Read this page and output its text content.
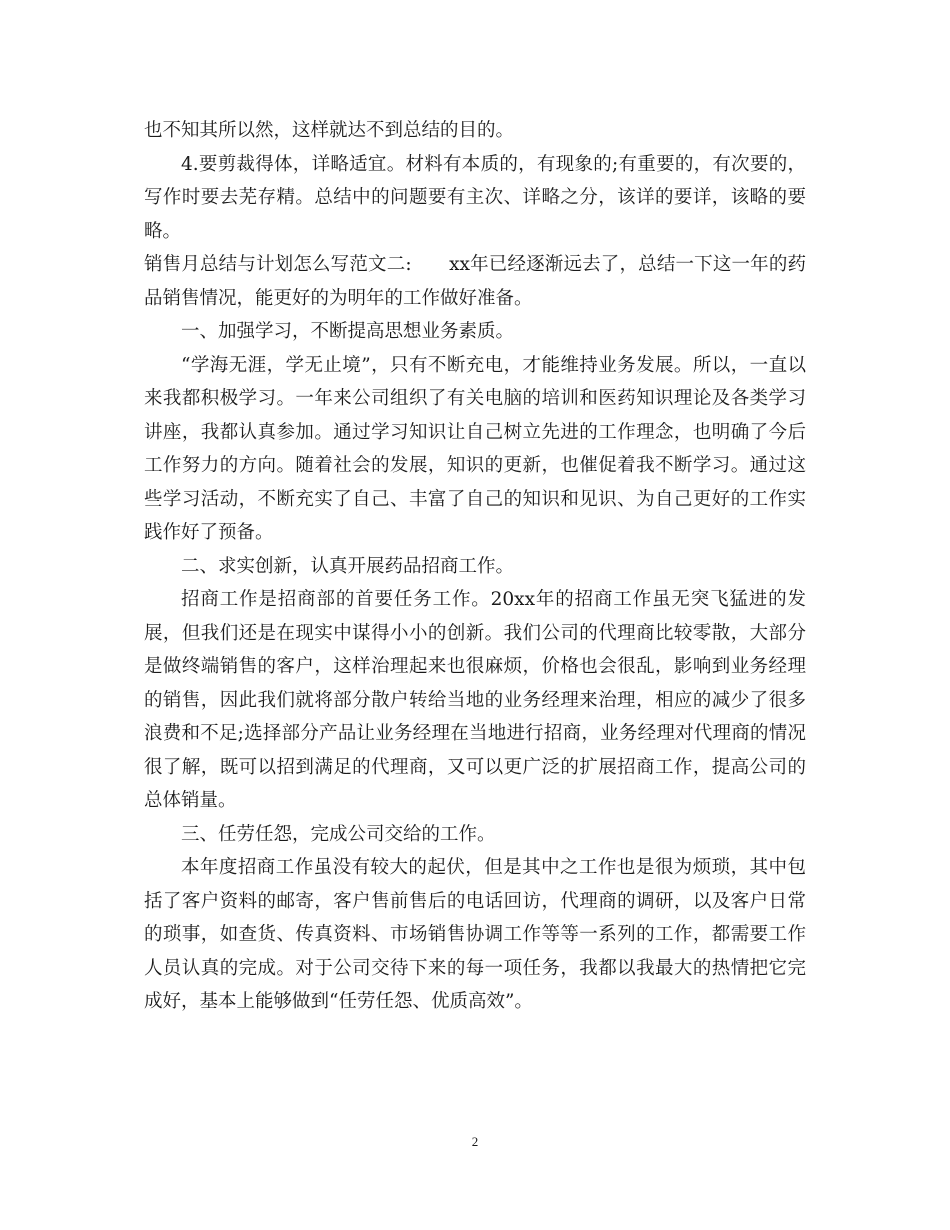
也不知其所以然，这样就达不到总结的目的。

4.要剪裁得体，详略适宜。材料有本质的，有现象的;有重要的，有次要的，写作时要去芜存精。总结中的问题要有主次、详略之分，该详的要详，该略的要略。

销售月总结与计划怎么写范文二:　　xx年已经逐渐远去了，总结一下这一年的药品销售情况，能更好的为明年的工作做好准备。

一、加强学习，不断提高思想业务素质。

“学海无涯，学无止境”，只有不断充电，才能维持业务发展。所以，一直以来我都积极学习。一年来公司组织了有关电脑的培训和医药知识理论及各类学习讲座，我都认真参加。通过学习知识让自己树立先进的工作理念，也明确了今后工作努力的方向。随着社会的发展，知识的更新，也催促着我不断学习。通过这些学习活动，不断充实了自己、丰富了自己的知识和见识、为自己更好的工作实践作好了预备。

二、求实创新，认真开展药品招商工作。

招商工作是招商部的首要任务工作。20xx年的招商工作虽无突飞猛进的发展，但我们还是在现实中谋得小小的创新。我们公司的代理商比较零散，大部分是做终端销售的客户，这样治理起来也很麻烦，价格也会很乱，影响到业务经理的销售，因此我们就将部分散户转给当地的业务经理来治理，相应的减少了很多浪费和不足;选择部分产品让业务经理在当地进行招商，业务经理对代理商的情况很了解，既可以招到满足的代理商，又可以更广泛的扩展招商工作，提高公司的总体销量。

三、任劳任怨，完成公司交给的工作。

本年度招商工作虽没有较大的起伏，但是其中之工作也是很为烦琐，其中包括了客户资料的邮寄，客户售前售后的电话回访，代理商的调研，以及客户日常的琐事，如查货、传真资料、市场销售协调工作等等一系列的工作，都需要工作人员认真的完成。对于公司交待下来的每一项任务，我都以我最大的热情把它完成好，基本上能够做到“任劳任怨、优质高效”。

2
